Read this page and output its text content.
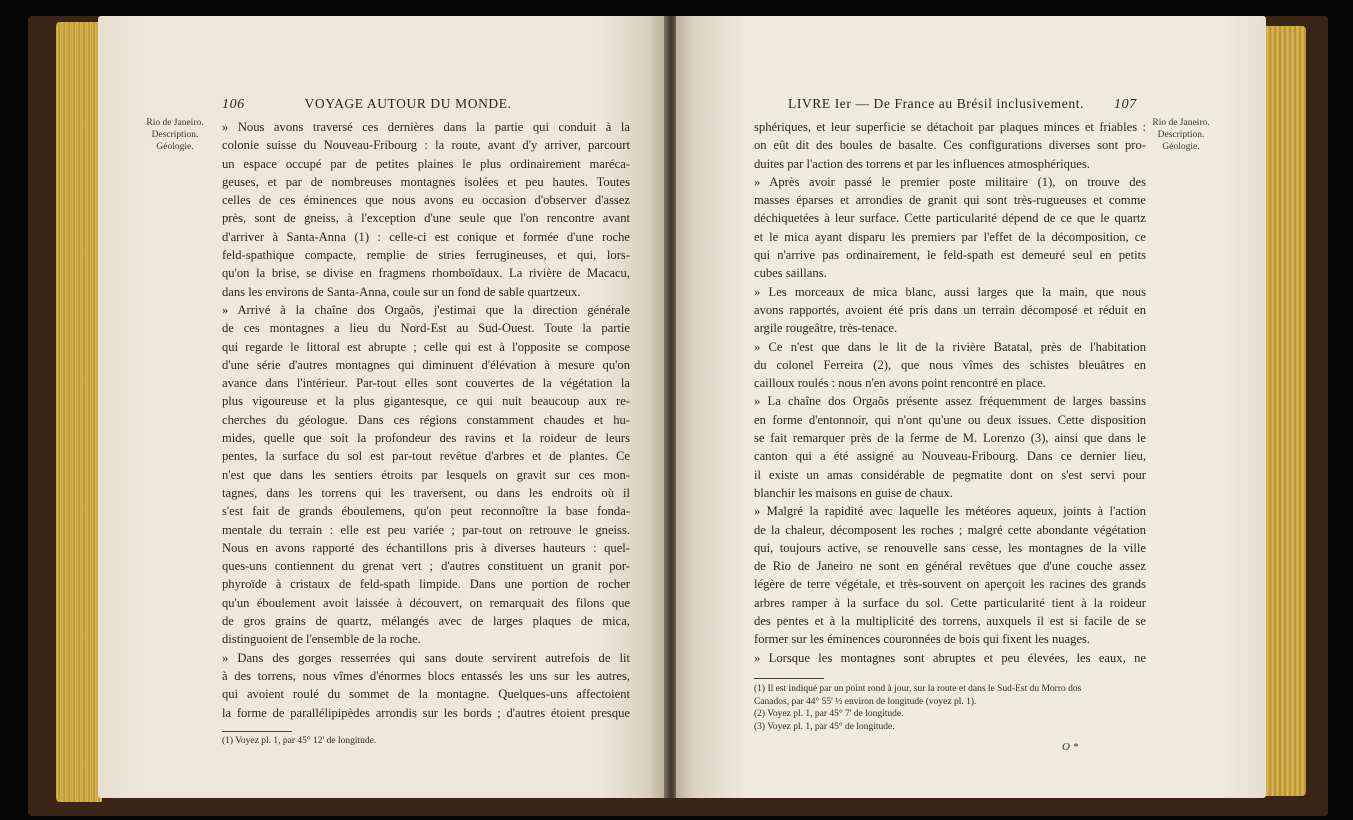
106	VOYAGE AUTOUR DU MONDE.
Rio de Janeiro.
Description.
Géologie.
» Nous avons traversé ces dernières dans la partie qui conduit à la
colonie suisse du Nouveau-Fribourg : la route, avant d'y arriver, parcourt
un espace occupé par de petites plaines le plus ordinairement maréca-
geuses, et par de nombreuses montagnes isolées et peu hautes. Toutes
celles de ces éminences que nous avons eu occasion d'observer d'assez
près, sont de gneiss, à l'exception d'une seule que l'on rencontre avant
d'arriver à Santa-Anna (1) : celle-ci est conique et formée d'une roche
feld-spathique compacte, remplie de stries ferrugineuses, et qui, lors-
qu'on la brise, se divise en fragmens rhomboïdaux. La rivière de Macacu,
dans les environs de Santa-Anna, coule sur un fond de sable quartzeux.
» Arrivé à la chaîne dos Orgaõs, j'estimai que la direction générale
de ces montagnes a lieu du Nord-Est au Sud-Ouest. Toute la partie
qui regarde le littoral est abrupte ; celle qui est à l'opposite se compose
d'une série d'autres montagnes qui diminuent d'élévation à mesure qu'on
avance dans l'intérieur. Par-tout elles sont couvertes de la végétation la
plus vigoureuse et la plus gigantesque, ce qui nuit beaucoup aux re-
cherches du géologue. Dans ces régions constamment chaudes et hu-
mides, quelle que soit la profondeur des ravins et la roideur de leurs
pentes, la surface du sol est par-tout revêtue d'arbres et de plantes. Ce
n'est que dans les sentiers étroits par lesquels on gravit sur ces mon-
tagnes, dans les torrens qui les traversent, ou dans les endroits où il
s'est fait de grands éboulemens, qu'on peut reconnoître la base fonda-
mentale du terrain : elle est peu variée ; par-tout on retrouve le gneiss.
Nous en avons rapporté des échantillons pris à diverses hauteurs : quel-
ques-uns contiennent du grenat vert ; d'autres constituent un granit por-
phyroïde à cristaux de feld-spath limpide. Dans une portion de rocher
qu'un éboulement avoit laissée à découvert, on remarquait des filons que
de gros grains de quartz, mélangés avec de larges plaques de mica,
distinguoient de l'ensemble de la roche.
» Dans des gorges resserrées qui sans doute servirent autrefois de lit
à des torrens, nous vîmes d'énormes blocs entassés les uns sur les autres,
qui avoient roulé du sommet de la montagne. Quelques-uns affectoient
la forme de parallélipipèdes arrondis sur les bords ; d'autres étoient presque
(1) Voyez pl. 1, par 45° 12' de longitude.
LIVRE Ier — De France au Brésil inclusivement. 107
Rio de Janeiro.
Description.
Géologie.
sphériques, et leur superficie se détachoit par plaques minces et friables :
on eût dit des boules de basalte. Ces configurations diverses sont pro-
duites par l'action des torrens et par les influences atmosphériques.
» Après avoir passé le premier poste militaire (1), on trouve des
masses éparses et arrondies de granit qui sont très-rugueuses et comme
déchiquetées à leur surface. Cette particularité dépend de ce que le quartz
et le mica ayant disparu les premiers par l'effet de la décomposition, ce
qui n'arrive pas ordinairement, le feld-spath est demeuré seul en petits
cubes saillans.
» Les morceaux de mica blanc, aussi larges que la main, que nous
avons rapportés, avoient été pris dans un terrain décomposé et réduit en
argile rougeâtre, très-tenace.
» Ce n'est que dans le lit de la rivière Batatal, près de l'habitation
du colonel Ferreira (2), que nous vîmes des schistes bleuâtres en
cailloux roulés : nous n'en avons point rencontré en place.
» La chaîne dos Orgaõs présente assez fréquemment de larges bassins
en forme d'entonnoir, qui n'ont qu'une ou deux issues. Cette disposition
se fait remarquer près de la ferme de M. Lorenzo (3), ainsi que dans le
canton qui a été assigné au Nouveau-Fribourg. Dans ce dernier lieu,
il existe un amas considérable de pegmatite dont on s'est servi pour
blanchir les maisons en guise de chaux.
» Malgré la rapidité avec laquelle les météores aqueux, joints à l'action
de la chaleur, décomposent les roches ; malgré cette abondante végétation
qui, toujours active, se renouvelle sans cesse, les montagnes de la ville
de Rio de Janeiro ne sont en général revêtues que d'une couche assez
légère de terre végétale, et très-souvent on aperçoit les racines des grands
arbres ramper à la surface du sol. Cette particularité tient à la roideur
des pentes et à la multiplicité des torrens, auxquels il est si facile de se
former sur les éminences couronnées de bois qui fixent les nuages.
» Lorsque les montagnes sont abruptes et peu élevées, les eaux, ne
(1) Il est indiqué par un point rond à jour, sur la route et dans le Sud-Est du Morro dos
Canados, par 44° 55' ½ environ de longitude (voyez pl. 1).
(2) Voyez pl. 1, par 45° 7' de longitude.
(3) Voyez pl. 1, par 45° de longitude.
O *
